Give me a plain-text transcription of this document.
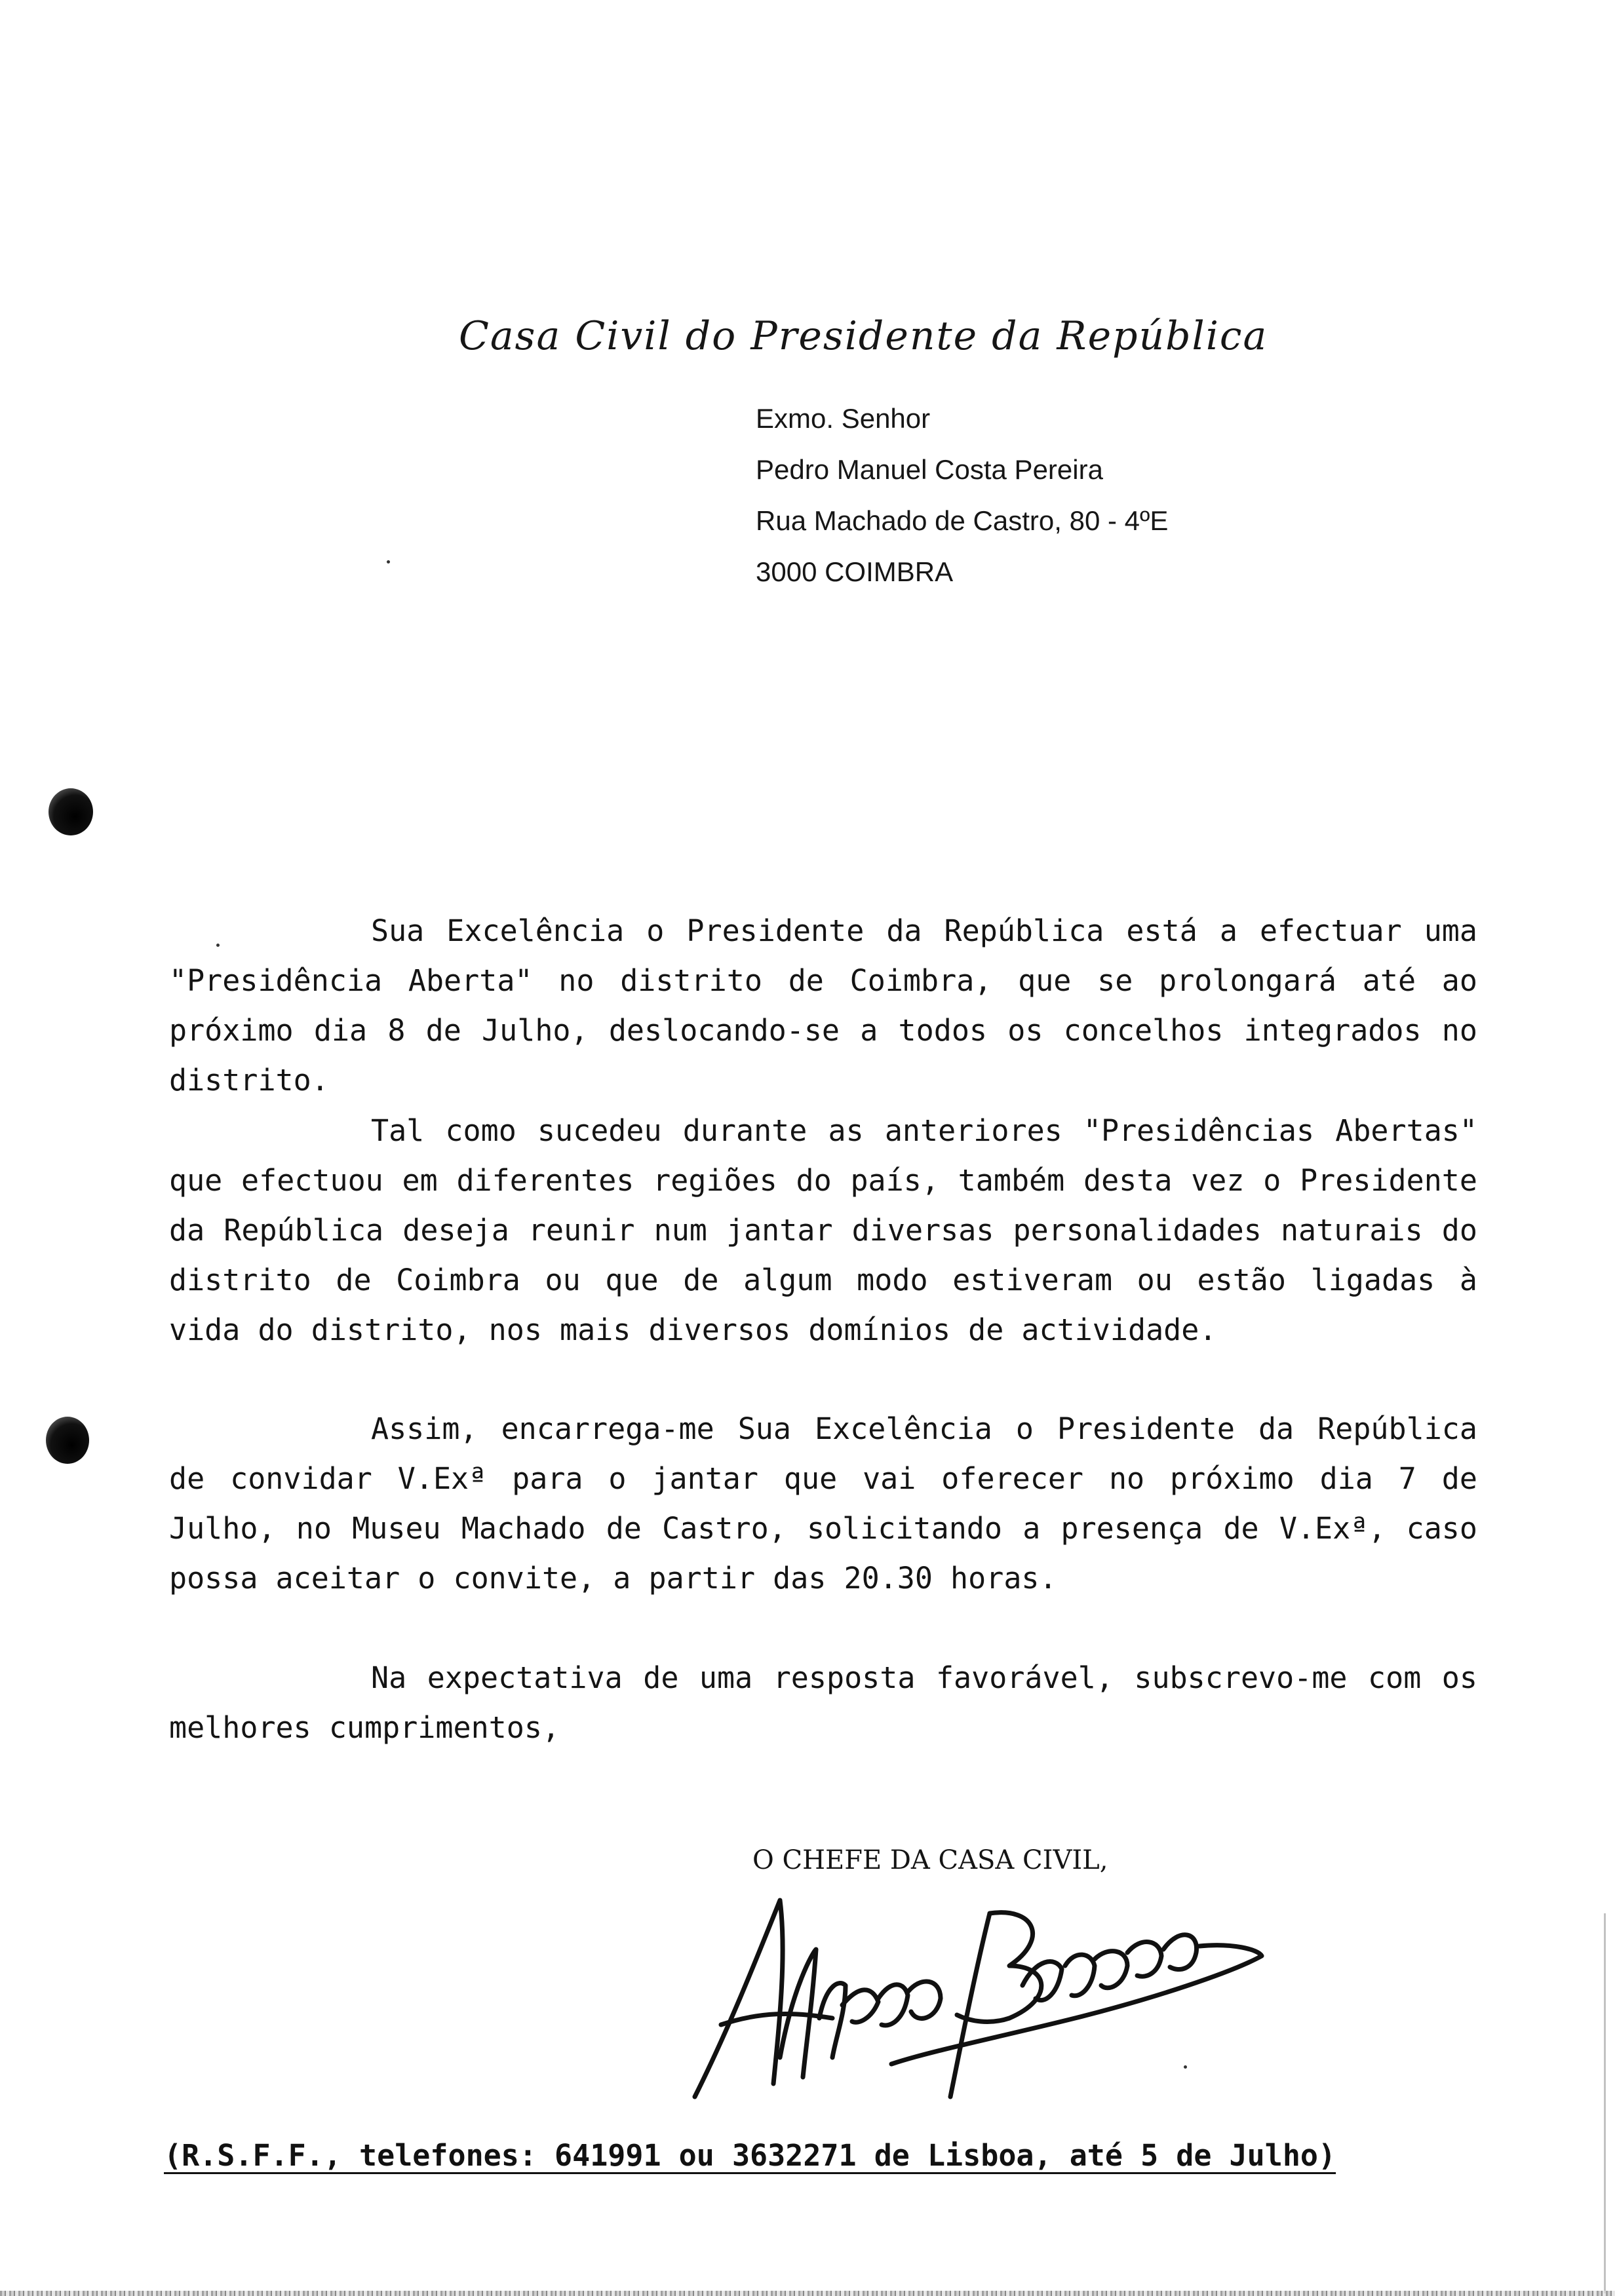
Casa Civil do Presidente da República
Exmo. Senhor
Pedro Manuel Costa Pereira
Rua Machado de Castro, 80 - 4ºE
3000 COIMBRA

Sua Excelência o Presidente da República está a efectuar uma "Presidência Aberta" no distrito de Coimbra, que se prolongará até ao próximo dia 8 de Julho, deslocando-se a todos os concelhos integrados no distrito.

Tal como sucedeu durante as anteriores "Presidências Abertas" que efectuou em diferentes regiões do país, também desta vez o Presidente da República deseja reunir num jantar diversas personalidades naturais do distrito de Coimbra ou que de algum modo estiveram ou estão ligadas à vida do distrito, nos mais diversos domínios de actividade.

Assim, encarrega-me Sua Excelência o Presidente da República de convidar V.Exª para o jantar que vai oferecer no próximo dia 7 de Julho, no Museu Machado de Castro, solicitando a presença de V.Exª, caso possa aceitar o convite, a partir das 20.30 horas.

Na expectativa de uma resposta favorável, subscrevo-me com os melhores cumprimentos,

O CHEFE DA CASA CIVIL,
(R.S.F.F., telefones: 641991 ou 3632271 de Lisboa, até 5 de Julho)
